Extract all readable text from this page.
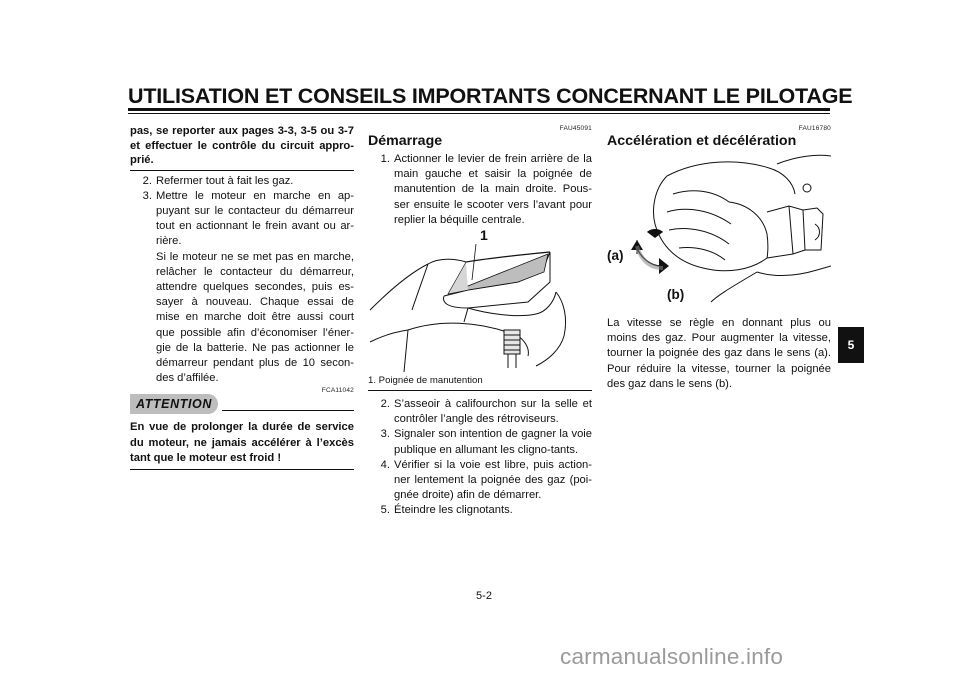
UTILISATION ET CONSEILS IMPORTANTS CONCERNANT LE PILOTAGE
pas, se reporter aux pages 3-3, 3-5 ou 3-7 et effectuer le contrôle du circuit appro-prié.
2. Refermer tout à fait les gaz.
3. Mettre le moteur en marche en ap-puyant sur le contacteur du démarreur tout en actionnant le frein avant ou ar-rière.
Si le moteur ne se met pas en marche, relâcher le contacteur du démarreur, attendre quelques secondes, puis es-sayer à nouveau. Chaque essai de mise en marche doit être aussi court que possible afin d’économiser l’éner-gie de la batterie. Ne pas actionner le démarreur pendant plus de 10 secon-des d’affilée.
ATTENTION
FCA11042
En vue de prolonger la durée de service du moteur, ne jamais accélérer à l’excès tant que le moteur est froid !
FAU45091
Démarrage
1. Actionner le levier de frein arrière de la main gauche et saisir la poignée de manutention de la main droite. Pous-ser ensuite le scooter vers l’avant pour replier la béquille centrale.
1
1. Poignée de manutention
2. S’asseoir à califourchon sur la selle et contrôler l’angle des rétroviseurs.
3. Signaler son intention de gagner la voie publique en allumant les cligno-tants.
4. Vérifier si la voie est libre, puis action-ner lentement la poignée des gaz (poi-gnée droite) afin de démarrer.
5. Éteindre les clignotants.
FAU16780
Accélération et décélération
(a)
(b)
La vitesse se règle en donnant plus ou moins des gaz. Pour augmenter la vitesse, tourner la poignée des gaz dans le sens (a). Pour réduire la vitesse, tourner la poignée des gaz dans le sens (b).
5
5-2
carmanualsonline.info
